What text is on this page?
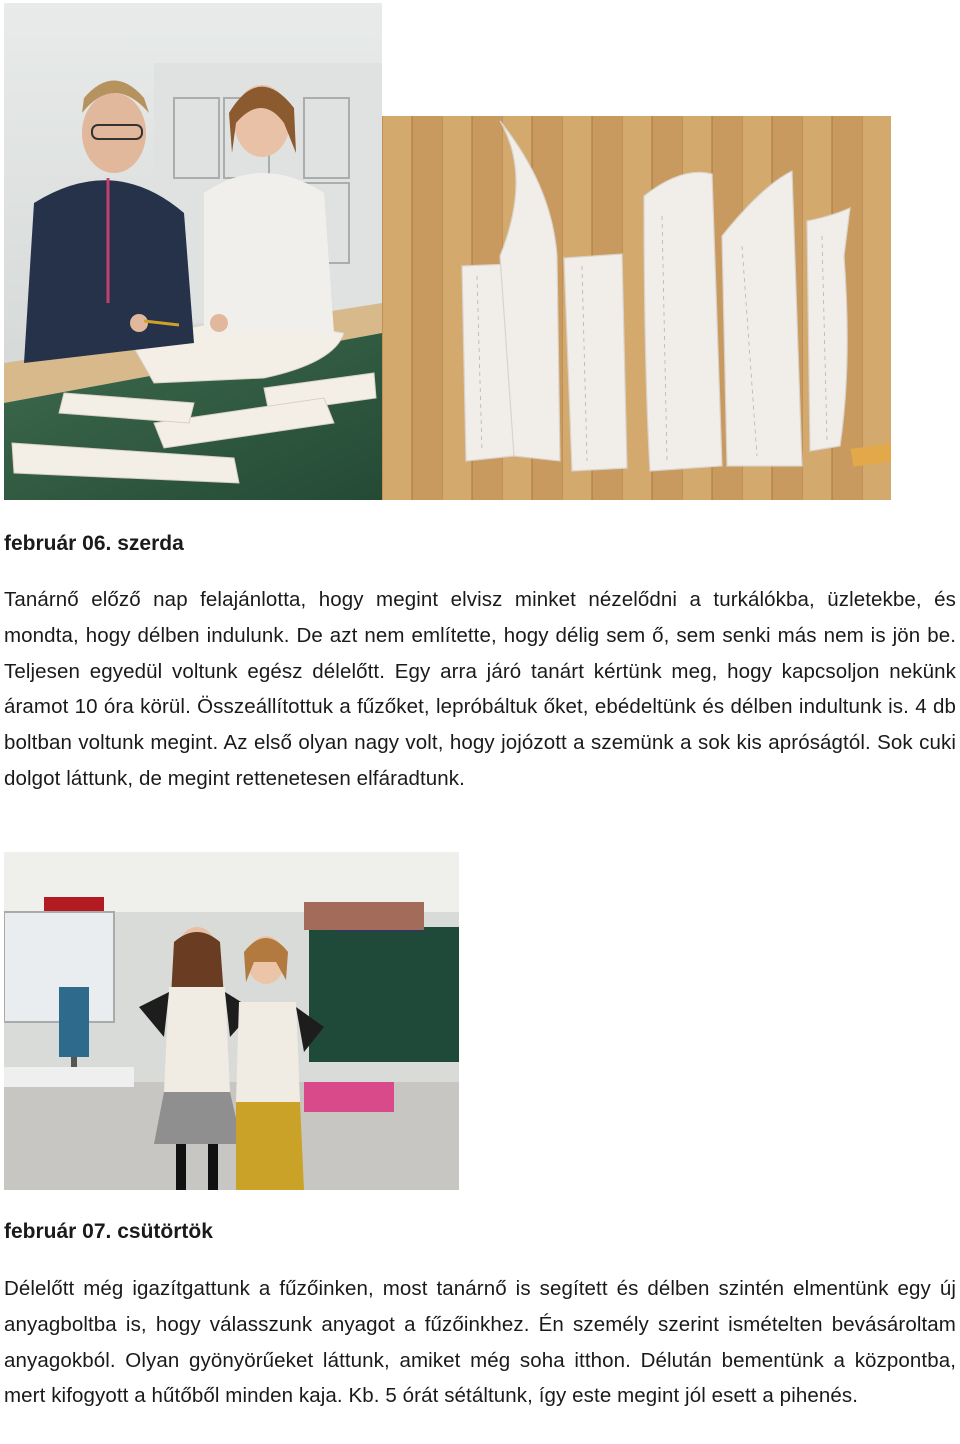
február 06. szerda

Tanárnő előző nap felajánlotta, hogy megint elvisz minket nézelődni a turkálókba, üzletekbe, és mondta, hogy délben indulunk. De azt nem említette, hogy délig sem ő, sem senki más nem is jön be. Teljesen egyedül voltunk egész délelőtt. Egy arra járó tanárt kértünk meg, hogy kapcsoljon nekünk áramot 10 óra körül. Összeállítottuk a fűzőket, lepróbáltuk őket, ebédeltünk és délben indultunk is. 4 db boltban voltunk megint. Az első olyan nagy volt, hogy jojózott a szemünk a sok kis apróságtól. Sok cuki dolgot láttunk, de megint rettenetesen elfáradtunk.

február 07. csütörtök

Délelőtt még igazítgattunk a fűzőinken, most tanárnő is segített és délben szintén elmentünk egy új anyagboltba is, hogy válasszunk anyagot a fűzőinkhez. Én személy szerint ismételten bevásároltam anyagokból. Olyan gyönyörűeket láttunk, amiket még soha itthon. Délután bementünk a központba, mert kifogyott a hűtőből minden kaja. Kb. 5 órát sétáltunk, így este megint jól esett a pihenés.
